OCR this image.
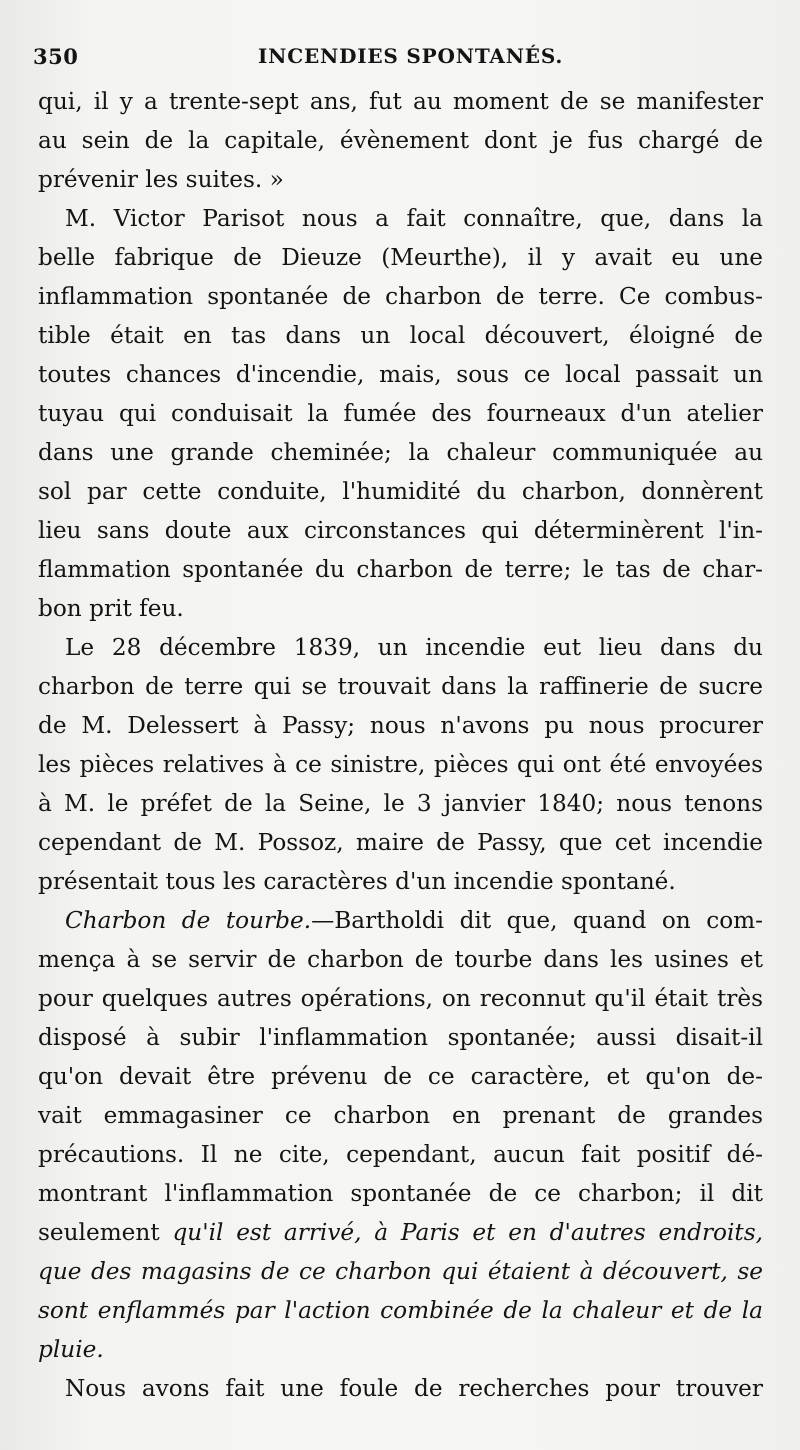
350	INCENDIES SPONTANÉS.
qui, il y a trente-sept ans, fut au moment de se manifester
au sein de la capitale, évènement dont je fus chargé de
prévenir les suites. »
M. Victor Parisot nous a fait connaître, que, dans la
belle fabrique de Dieuze (Meurthe), il y avait eu une
inflammation spontanée de charbon de terre. Ce combus-
tible était en tas dans un local découvert, éloigné de
toutes chances d'incendie, mais, sous ce local passait un
tuyau qui conduisait la fumée des fourneaux d'un atelier
dans une grande cheminée; la chaleur communiquée au
sol par cette conduite, l'humidité du charbon, donnèrent
lieu sans doute aux circonstances qui déterminèrent l'in-
flammation spontanée du charbon de terre; le tas de char-
bon prit feu.
Le 28 décembre 1839, un incendie eut lieu dans du
charbon de terre qui se trouvait dans la raffinerie de sucre
de M. Delessert à Passy; nous n'avons pu nous procurer
les pièces relatives à ce sinistre, pièces qui ont été envoyées
à M. le préfet de la Seine, le 3 janvier 1840; nous tenons
cependant de M. Possoz, maire de Passy, que cet incendie
présentait tous les caractères d'un incendie spontané.
Charbon de tourbe.—Bartholdi dit que, quand on com-
mença à se servir de charbon de tourbe dans les usines et
pour quelques autres opérations, on reconnut qu'il était très
disposé à subir l'inflammation spontanée; aussi disait-il
qu'on devait être prévenu de ce caractère, et qu'on de-
vait emmagasiner ce charbon en prenant de grandes
précautions. Il ne cite, cependant, aucun fait positif dé-
montrant l'inflammation spontanée de ce charbon; il dit
seulement qu'il est arrivé, à Paris et en d'autres endroits,
que des magasins de ce charbon qui étaient à découvert, se
sont enflammés par l'action combinée de la chaleur et de la
pluie.
Nous avons fait une foule de recherches pour trouver
